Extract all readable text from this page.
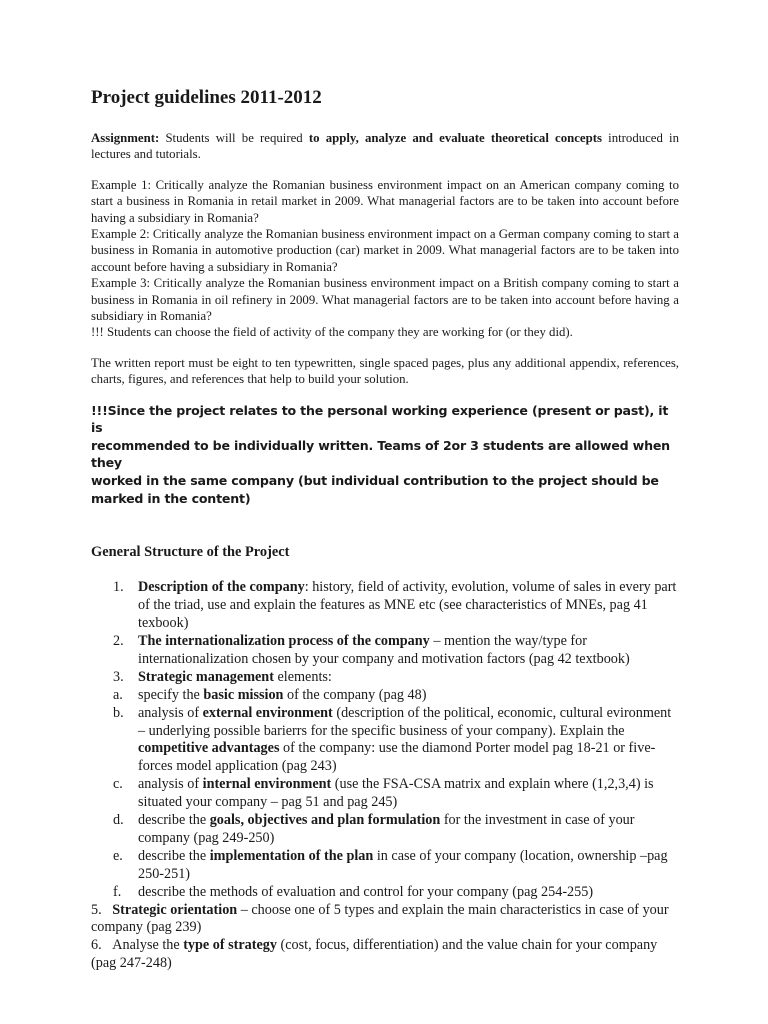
Project guidelines 2011-2012

Assignment: Students will be required to apply, analyze and evaluate theoretical concepts introduced in lectures and tutorials.

Example 1: Critically analyze the Romanian business environment impact on an American company coming to start a business in Romania in retail market in 2009. What managerial factors are to be taken into account before having a subsidiary in Romania?

Example 2: Critically analyze the Romanian business environment impact on a German company coming to start a business in Romania in automotive production (car) market in 2009. What managerial factors are to be taken into account before having a subsidiary in Romania?

Example 3: Critically analyze the Romanian business environment impact on a British company coming to start a business in Romania in oil refinery in 2009. What managerial factors are to be taken into account before having a subsidiary in Romania?

!!! Students can choose the field of activity of the company they are working for (or they did).

The written report must be eight to ten typewritten, single spaced pages, plus any additional appendix, references, charts, figures, and references that help to build your solution.

!!!Since the project relates to the personal working experience (present or past), it is
recommended to be individually written. Teams of 2or 3 students are allowed when they
worked in the same company (but individual contribution to the project should be
marked in the content)

General Structure of the Project

1.	Description of the company: history, field of activity, evolution, volume of sales in every part of the triad, use and explain the features as MNE etc (see characteristics of MNEs, pag 41 texbook)
2.	The internationalization process of the company – mention the way/type for internationalization chosen by your company and motivation factors (pag 42 textbook)
3.	Strategic management elements:
a.	specify the basic mission of the company (pag 48)
b.	analysis of external environment (description of the political, economic, cultural evironment – underlying possible barierrs for the specific business of your company). Explain the competitive advantages of the company: use the diamond Porter model pag 18-21 or five-forces model application (pag 243)
c.	analysis of internal environment (use the FSA-CSA matrix and explain where (1,2,3,4) is situated your company – pag 51 and pag 245)
d.	describe the goals, objectives and plan formulation for the investment in case of your company (pag 249-250)
e.	describe the implementation of the plan in case of your company (location, ownership –pag 250-251)
f.	describe the methods of evaluation and control for your company (pag 254-255)
5. Strategic orientation – choose one of 5 types and explain the main characteristics in case of your company (pag 239)
6. Analyse the type of strategy (cost, focus, differentiation) and the value chain for your company (pag 247-248)
